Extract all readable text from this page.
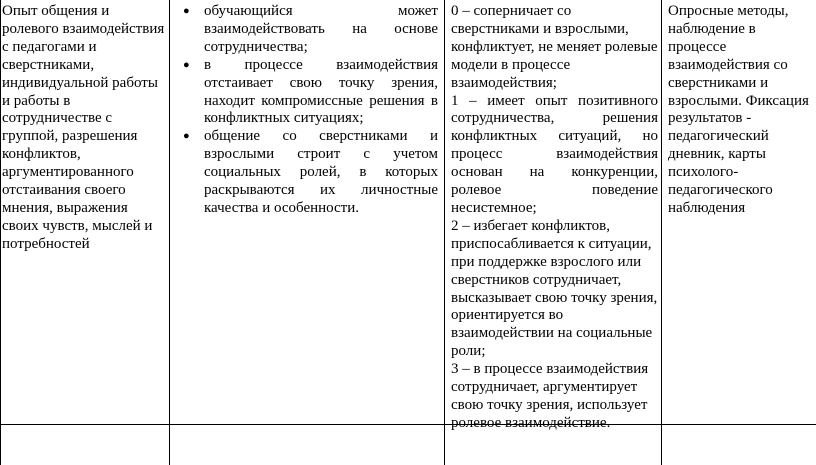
Опыт общения и ролевого взаимодействия с педагогами и сверстниками, индивидуальной работы и работы в сотрудничестве с группой, разрешения конфликтов, аргументированного отстаивания своего мнения, выражения своих чувств, мыслей и потребностей
● обучающийся может взаимодействовать на основе сотрудничества;
● в процессе взаимодействия отстаивает свою точку зрения, находит компромиссные решения в конфликтных ситуациях;
● общение со сверстниками и взрослыми строит с учетом социальных ролей, в которых раскрываются их личностные качества и особенности.

0 – соперничает со сверстниками и взрослыми, конфликтует, не меняет ролевые модели в процессе взаимодействия;

1 – имеет опыт позитивного сотрудничества, решения конфликтных ситуаций, но процесс взаимодействия основан на конкуренции, ролевое поведение несистемное;

2 – избегает конфликтов, приспосабливается к ситуации, при поддержке взрослого или сверстников сотрудничает, высказывает свою точку зрения, ориентируется во взаимодействии на социальные роли;

3 – в процессе взаимодействия сотрудничает, аргументирует свою точку зрения, использует ролевое взаимодействие.

Опросные методы, наблюдение в процессе взаимодействия со сверстниками и взрослыми. Фиксация результатов - педагогический дневник, карты психолого-педагогического наблюдения
